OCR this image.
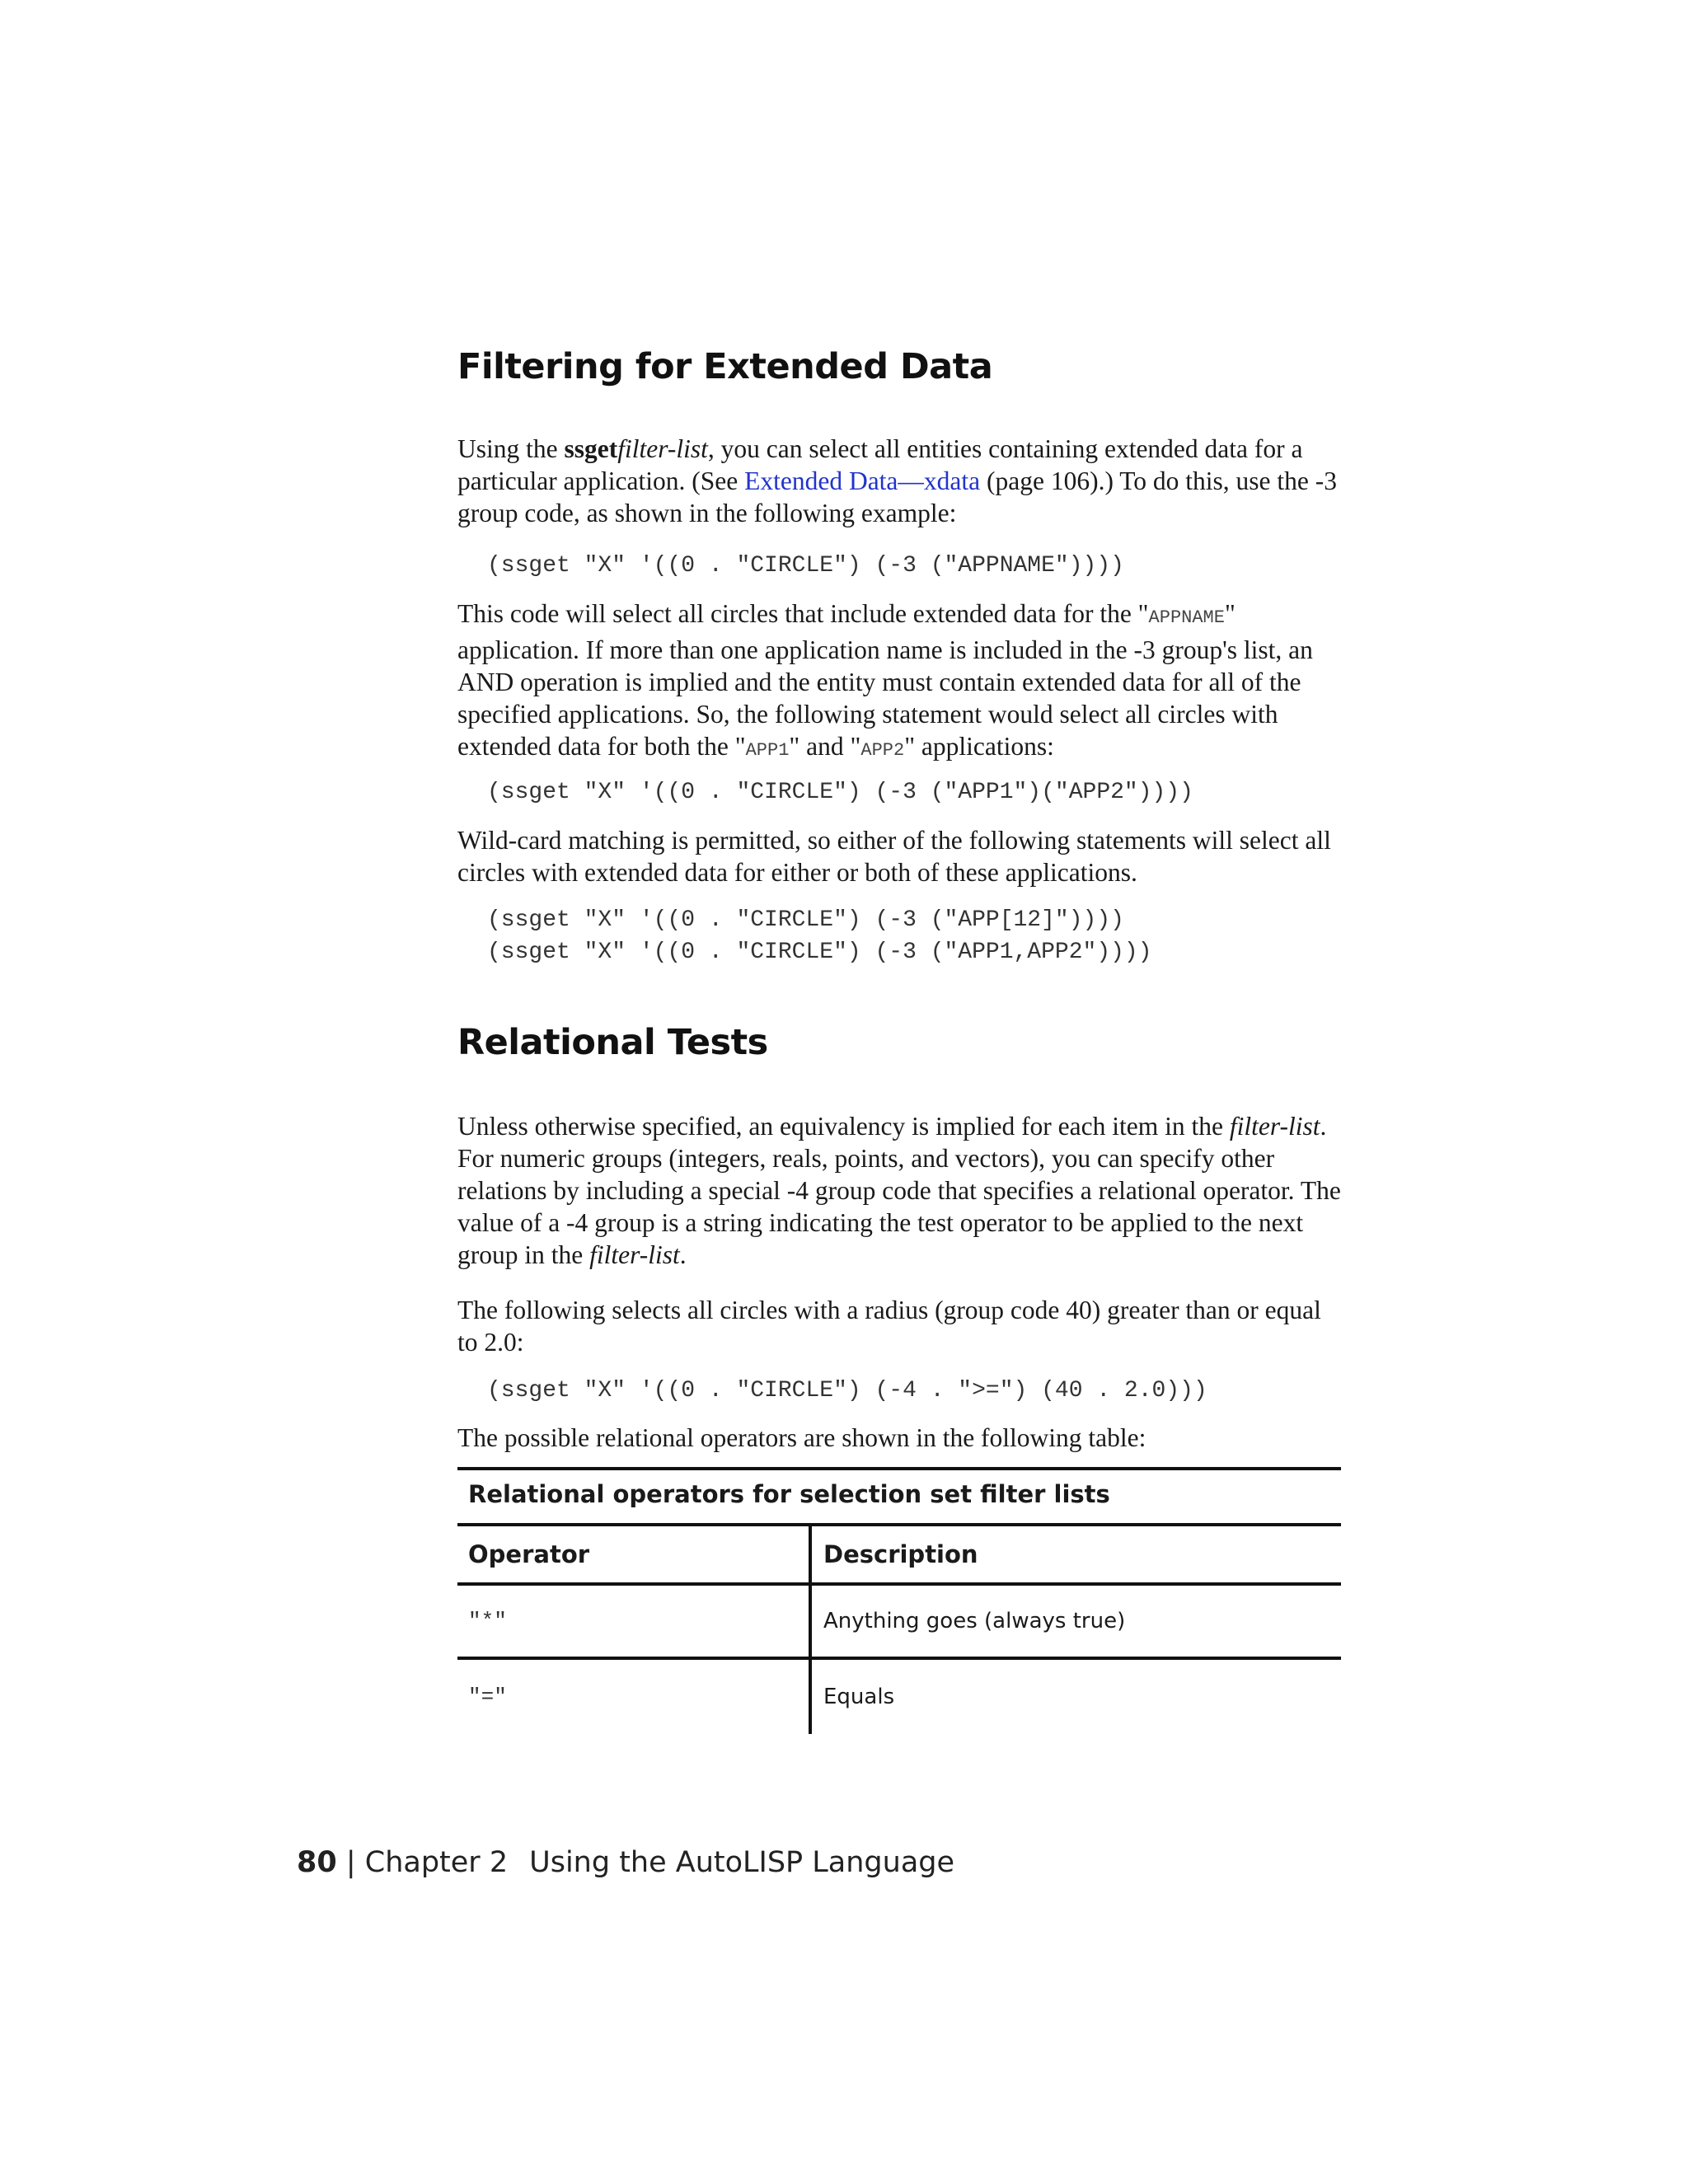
Filtering for Extended Data

Using the ssgetfilter-list, you can select all entities containing extended data for a particular application. (See Extended Data—xdata (page 106).) To do this, use the -3 group code, as shown in the following example:

(ssget "X" '((0 . "CIRCLE") (-3 ("APPNAME"))))

This code will select all circles that include extended data for the "APPNAME" application. If more than one application name is included in the -3 group's list, an AND operation is implied and the entity must contain extended data for all of the specified applications. So, the following statement would select all circles with extended data for both the "APP1" and "APP2" applications:

(ssget "X" '((0 . "CIRCLE") (-3 ("APP1")("APP2"))))

Wild-card matching is permitted, so either of the following statements will select all circles with extended data for either or both of these applications.

(ssget "X" '((0 . "CIRCLE") (-3 ("APP[12]"))))
(ssget "X" '((0 . "CIRCLE") (-3 ("APP1,APP2"))))
Relational Tests

Unless otherwise specified, an equivalency is implied for each item in the filter-list. For numeric groups (integers, reals, points, and vectors), you can specify other relations by including a special -4 group code that specifies a relational operator. The value of a -4 group is a string indicating the test operator to be applied to the next group in the filter-list.

The following selects all circles with a radius (group code 40) greater than or equal to 2.0:

(ssget "X" '((0 . "CIRCLE") (-4 . ">=") (40 . 2.0)))

The possible relational operators are shown in the following table:

Relational operators for selection set filter lists
Operator	Description
"*"	Anything goes (always true)
"="	Equals
80 | Chapter 2 Using the AutoLISP Language
